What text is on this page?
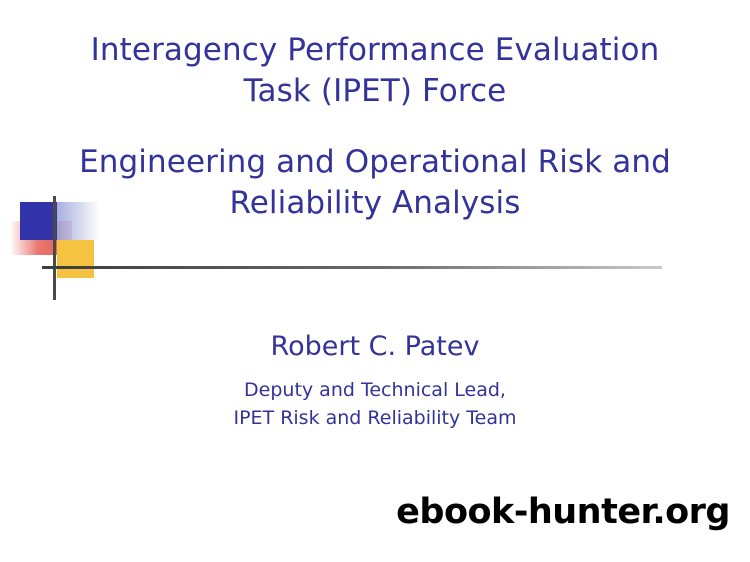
Interagency Performance Evaluation
Task (IPET) Force
Engineering and Operational Risk and
Reliability Analysis
Robert C. Patev
Deputy and Technical Lead,
IPET Risk and Reliability Team
ebook-hunter.org
